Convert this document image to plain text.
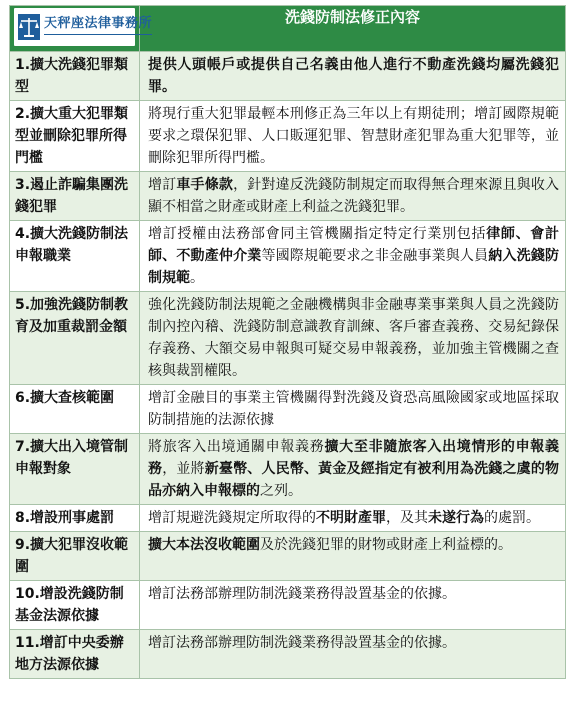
天秤座法律事務所	洗錢防制法修正內容
1.擴大洗錢犯罪類型	提供人頭帳戶或提供自己名義由他人進行不動產洗錢均屬洗錢犯罪。
2.擴大重大犯罪類型並刪除犯罪所得門檻	將現行重大犯罪最輕本刑修正為三年以上有期徒刑；增訂國際規範要求之環保犯罪、人口販運犯罪、智慧財產犯罪為重大犯罪等，並刪除犯罪所得門檻。
3.遏止詐騙集團洗錢犯罪	增訂車手條款，針對違反洗錢防制規定而取得無合理來源且與收入顯不相當之財產或財產上利益之洗錢犯罪。
4.擴大洗錢防制法申報職業	增訂授權由法務部會同主管機關指定特定行業別包括律師、會計師、不動產仲介業等國際規範要求之非金融事業與人員納入洗錢防制規範。
5.加強洗錢防制教育及加重裁罰金額	強化洗錢防制法規範之金融機構與非金融專業事業與人員之洗錢防制內控內稽、洗錢防制意識教育訓練、客戶審查義務、交易紀錄保存義務、大額交易申報與可疑交易申報義務，並加強主管機關之查核與裁罰權限。
6.擴大查核範圍	增訂金融目的事業主管機關得對洗錢及資恐高風險國家或地區採取防制措施的法源依據
7.擴大出入境管制申報對象	將旅客入出境通關申報義務擴大至非隨旅客入出境情形的申報義務，並將新臺幣、人民幣、黃金及經指定有被利用為洗錢之虞的物品亦納入申報標的之列。
8.增設刑事處罰	增訂規避洗錢規定所取得的不明財產罪，及其未遂行為的處罰。
9.擴大犯罪沒收範圍	擴大本法沒收範圍及於洗錢犯罪的財物或財產上利益標的。
10.增設洗錢防制基金法源依據	增訂法務部辦理防制洗錢業務得設置基金的依據。
11.增訂中央委辦地方法源依據	增訂法務部辦理防制洗錢業務得設置基金的依據。
